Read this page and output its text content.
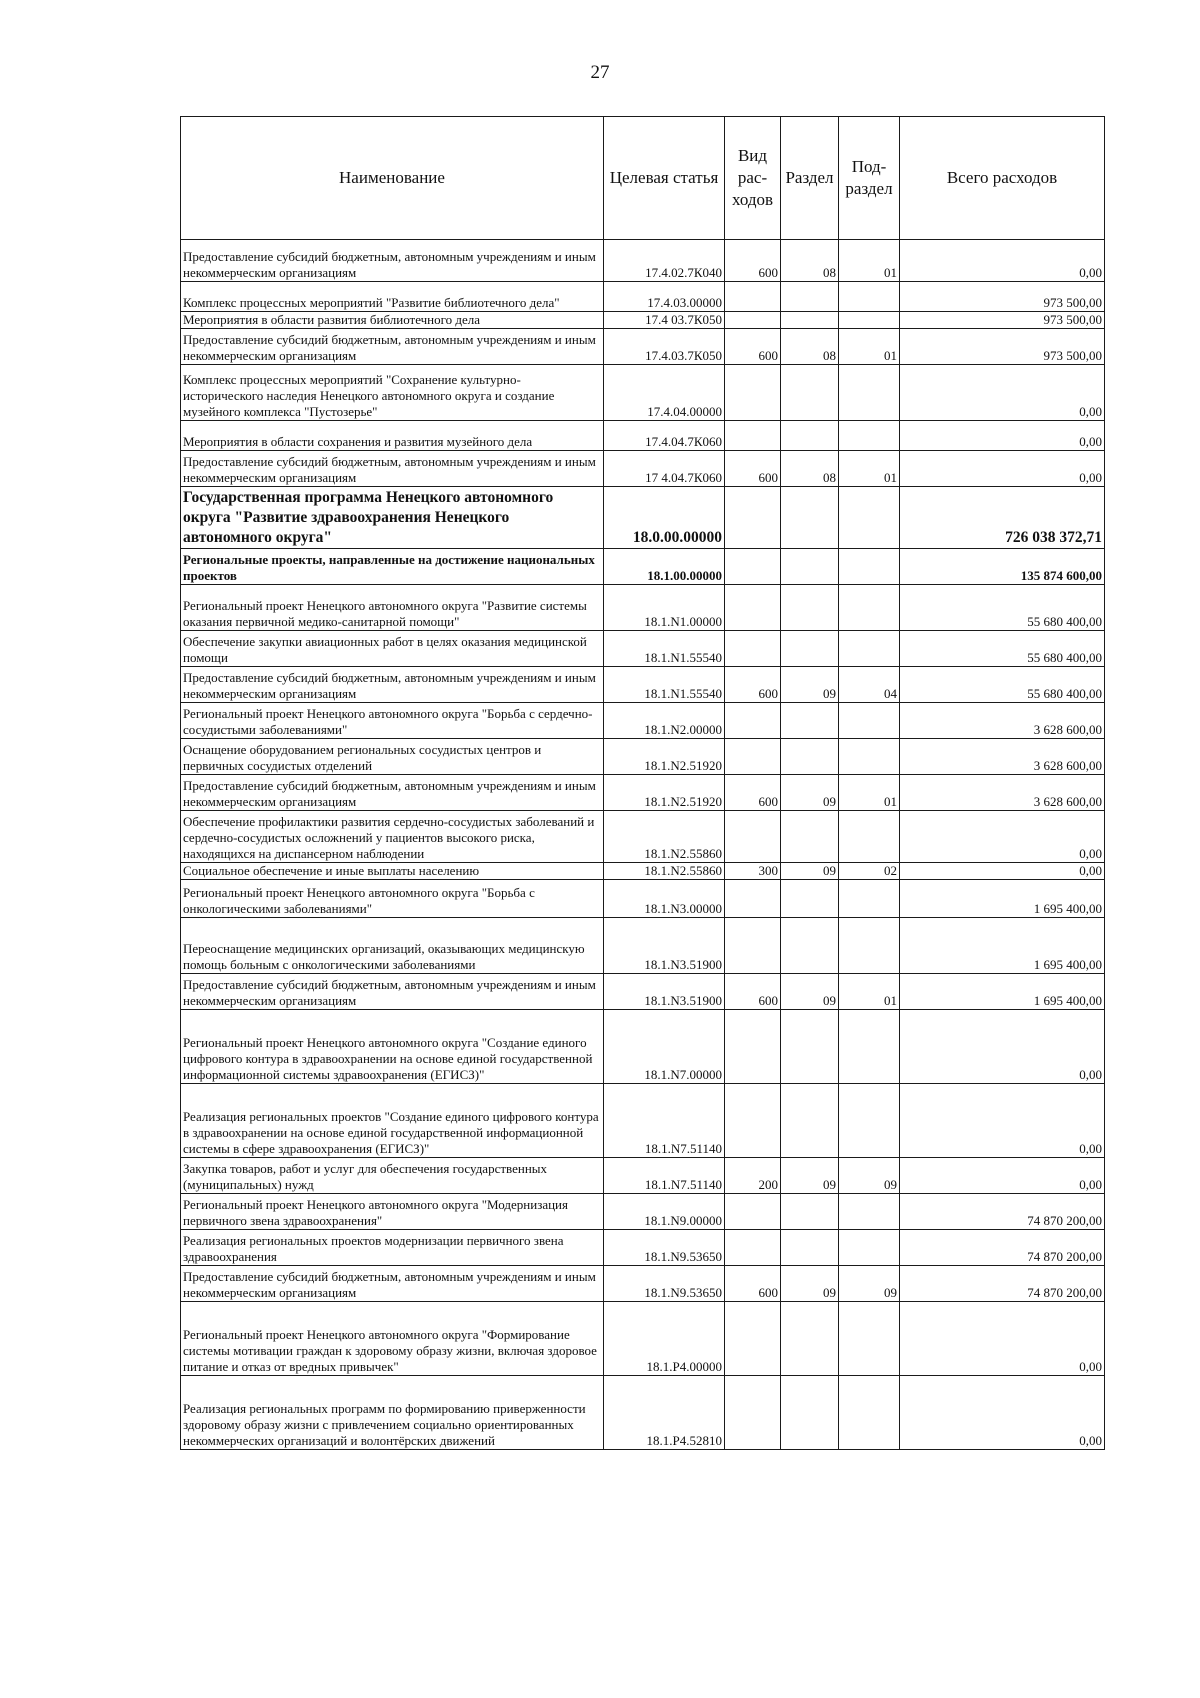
27
Наименование	Целевая статья	Вид рас- ходов	Раздел	Под- раздел	Всего расходов
Предоставление субсидий бюджетным, автономным учреждениям и иным некоммерческим организациям	17.4.02.7К040	600	08	01	0,00
Комплекс процессных мероприятий "Развитие библиотечного дела"	17.4.03.00000				973 500,00
Мероприятия в области развития библиотечного дела	17.4 03.7К050				973 500,00
Предоставление субсидий бюджетным, автономным учреждениям и иным некоммерческим организациям	17.4.03.7К050	600	08	01	973 500,00
Комплекс процессных мероприятий "Сохранение культурно-исторического наследия Ненецкого автономного округа и создание музейного комплекса "Пустозерье"	17.4.04.00000				0,00
Мероприятия в области сохранения и развития музейного дела	17.4.04.7К060				0,00
Предоставление субсидий бюджетным, автономным учреждениям и иным некоммерческим организациям	17 4.04.7К060	600	08	01	0,00
Государственная программа Ненецкого автономного округа "Развитие здравоохранения Ненецкого автономного округа"	18.0.00.00000				726 038 372,71
Региональные проекты, направленные на достижение национальных проектов	18.1.00.00000				135 874 600,00
Региональный проект Ненецкого автономного округа "Развитие системы оказания первичной медико-санитарной помощи"	18.1.N1.00000				55 680 400,00
Обеспечение закупки авиационных работ в целях оказания медицинской помощи	18.1.N1.55540				55 680 400,00
Предоставление субсидий бюджетным, автономным учреждениям и иным некоммерческим организациям	18.1.N1.55540	600	09	04	55 680 400,00
Региональный проект Ненецкого автономного округа "Борьба с сердечно-сосудистыми заболеваниями"	18.1.N2.00000				3 628 600,00
Оснащение оборудованием региональных сосудистых центров и первичных сосудистых отделений	18.1.N2.51920				3 628 600,00
Предоставление субсидий бюджетным, автономным учреждениям и иным некоммерческим организациям	18.1.N2.51920	600	09	01	3 628 600,00
Обеспечение профилактики развития сердечно-сосудистых заболеваний и сердечно-сосудистых осложнений у пациентов высокого риска, находящихся на диспансерном наблюдении	18.1.N2.55860				0,00
Социальное обеспечение и иные выплаты населению	18.1.N2.55860	300	09	02	0,00
Региональный проект Ненецкого автономного округа "Борьба с онкологическими заболеваниями"	18.1.N3.00000				1 695 400,00
Переоснащение медицинских организаций, оказывающих медицинскую помощь больным с онкологическими заболеваниями	18.1.N3.51900				1 695 400,00
Предоставление субсидий бюджетным, автономным учреждениям и иным некоммерческим организациям	18.1.N3.51900	600	09	01	1 695 400,00
Региональный проект Ненецкого автономного округа "Создание единого цифрового контура в здравоохранении на основе единой государственной информационной системы здравоохранения (ЕГИСЗ)"	18.1.N7.00000				0,00
Реализация региональных проектов "Создание единого цифрового контура в здравоохранении на основе единой государственной информационной системы в сфере здравоохранения (ЕГИСЗ)"	18.1.N7.51140				0,00
Закупка товаров, работ и услуг для обеспечения государственных (муниципальных) нужд	18.1.N7.51140	200	09	09	0,00
Региональный проект Ненецкого автономного округа "Модернизация первичного звена здравоохранения"	18.1.N9.00000				74 870 200,00
Реализация региональных проектов модернизации первичного звена здравоохранения	18.1.N9.53650				74 870 200,00
Предоставление субсидий бюджетным, автономным учреждениям и иным некоммерческим организациям	18.1.N9.53650	600	09	09	74 870 200,00
Региональный проект Ненецкого автономного округа "Формирование системы мотивации граждан к здоровому образу жизни, включая здоровое питание и отказ от вредных привычек"	18.1.P4.00000				0,00
Реализация региональных программ по формированию приверженности здоровому образу жизни с привлечением социально ориентированных некоммерческих организаций и волонтёрских движений	18.1.P4.52810				0,00
